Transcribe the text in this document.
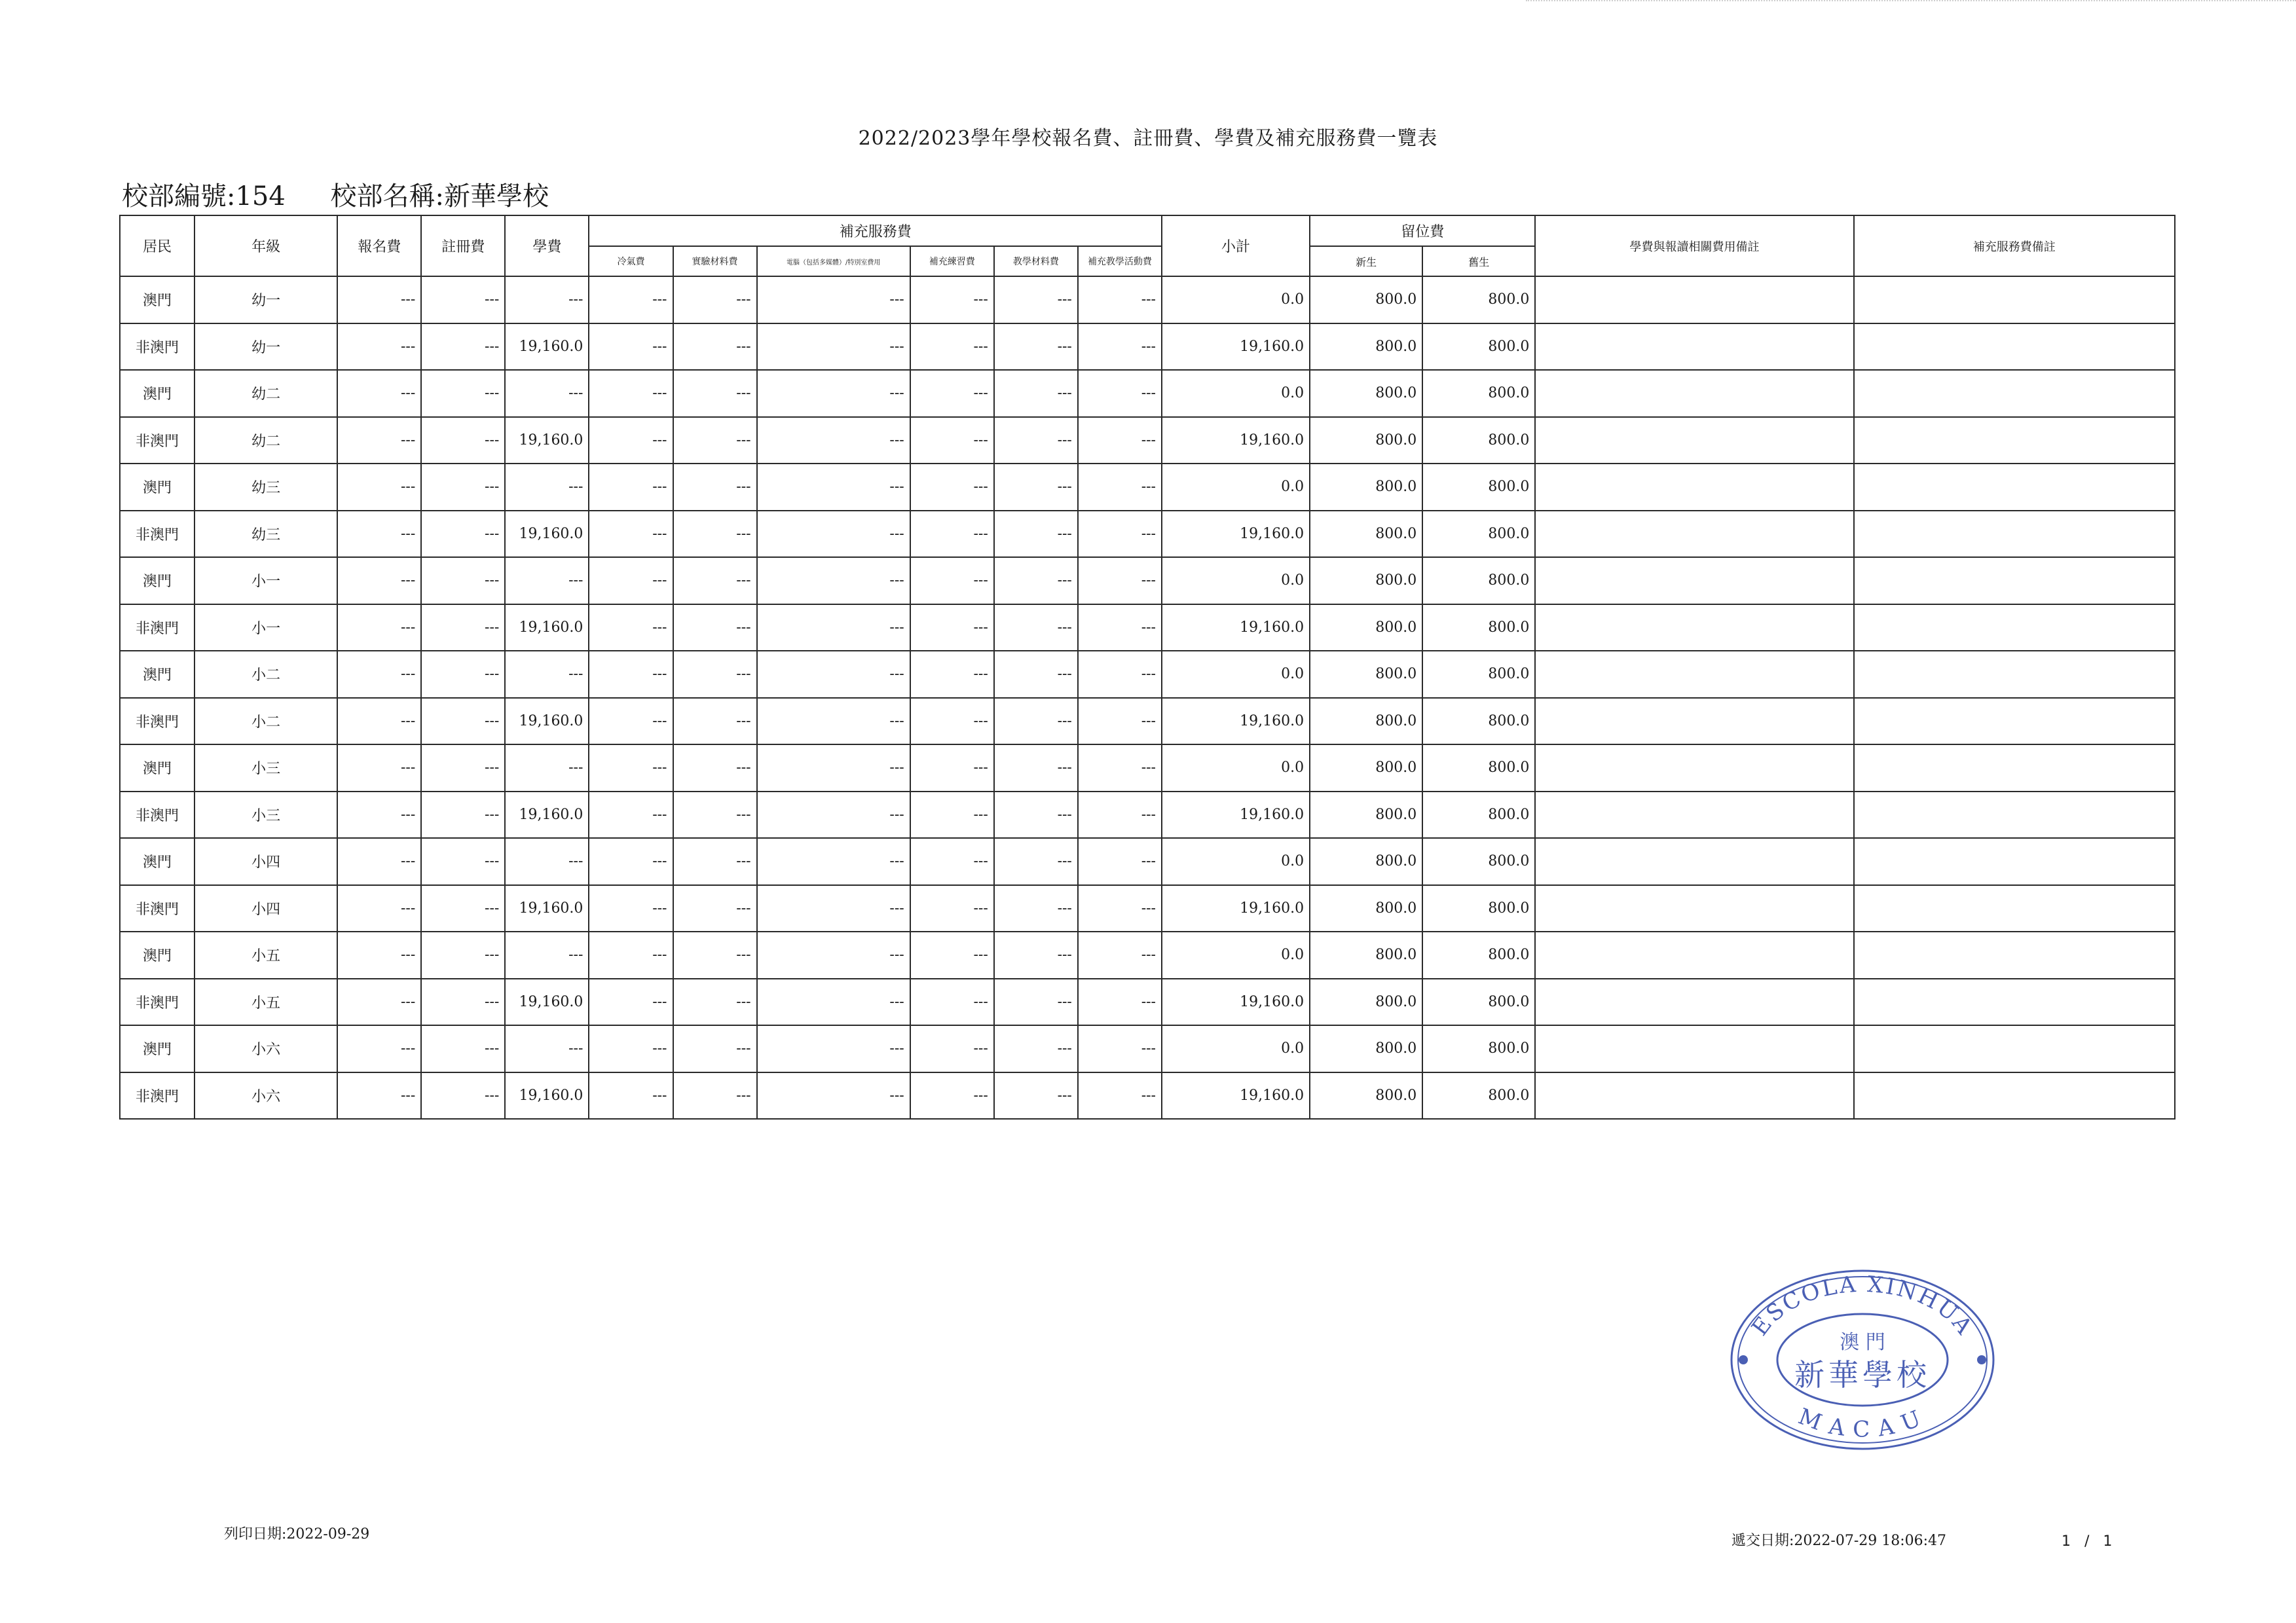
2022/2023學年學校報名費、註冊費、學費及補充服務費一覽表
校部編號:154 校部名稱:新華學校
居民	年級	報名費	註冊費	學費	補充服務費						小計	留位費		學費與報讀相關費用備註	補充服務費備註
					冷氣費	實驗材料費	電腦（包括多媒體）/特別室費用	補充練習費	教學材料費	補充教學活動費		新生	舊生		
澳門	幼一	---	---	---	---	---	---	---	---	---	0.0	800.0	800.0		
非澳門	幼一	---	---	19,160.0	---	---	---	---	---	---	19,160.0	800.0	800.0		
澳門	幼二	---	---	---	---	---	---	---	---	---	0.0	800.0	800.0		
非澳門	幼二	---	---	19,160.0	---	---	---	---	---	---	19,160.0	800.0	800.0		
澳門	幼三	---	---	---	---	---	---	---	---	---	0.0	800.0	800.0		
非澳門	幼三	---	---	19,160.0	---	---	---	---	---	---	19,160.0	800.0	800.0		
澳門	小一	---	---	---	---	---	---	---	---	---	0.0	800.0	800.0		
非澳門	小一	---	---	19,160.0	---	---	---	---	---	---	19,160.0	800.0	800.0		
澳門	小二	---	---	---	---	---	---	---	---	---	0.0	800.0	800.0		
非澳門	小二	---	---	19,160.0	---	---	---	---	---	---	19,160.0	800.0	800.0		
澳門	小三	---	---	---	---	---	---	---	---	---	0.0	800.0	800.0		
非澳門	小三	---	---	19,160.0	---	---	---	---	---	---	19,160.0	800.0	800.0		
澳門	小四	---	---	---	---	---	---	---	---	---	0.0	800.0	800.0		
非澳門	小四	---	---	19,160.0	---	---	---	---	---	---	19,160.0	800.0	800.0		
澳門	小五	---	---	---	---	---	---	---	---	---	0.0	800.0	800.0		
非澳門	小五	---	---	19,160.0	---	---	---	---	---	---	19,160.0	800.0	800.0		
澳門	小六	---	---	---	---	---	---	---	---	---	0.0	800.0	800.0		
非澳門	小六	---	---	19,160.0	---	---	---	---	---	---	19,160.0	800.0	800.0		
ESCOLA XINHUA
MACAU
澳 門
新華學校
列印日期:2022-09-29	遞交日期:2022-07-29 18:06:47	1 / 1
